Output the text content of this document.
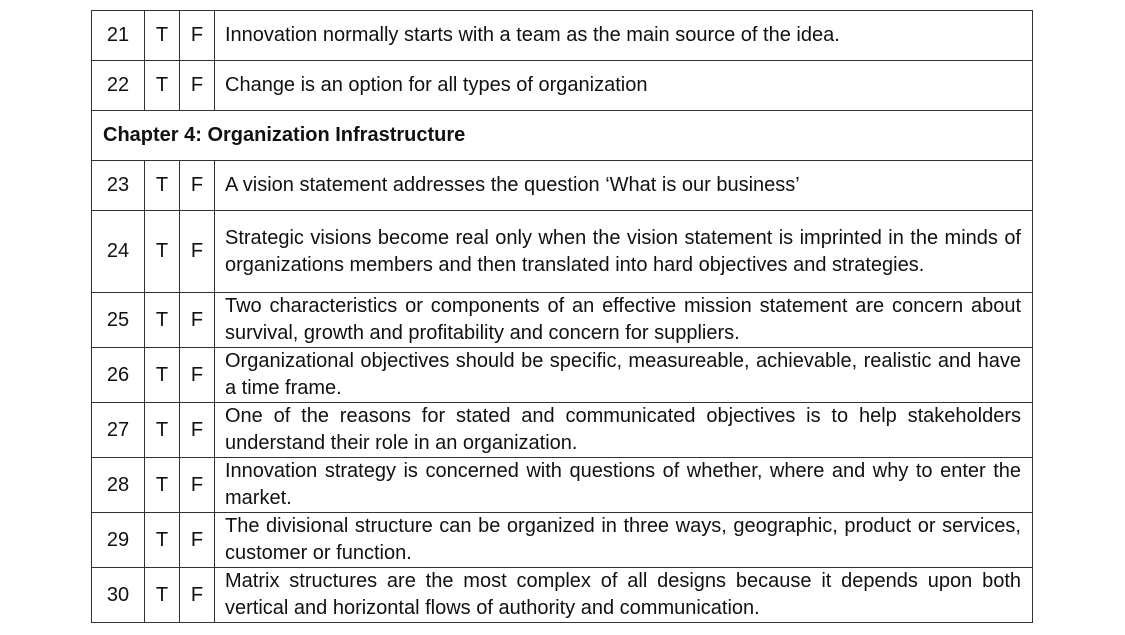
21	T	F	Innovation normally starts with a team as the main source of the idea.
22	T	F	Change is an option for all types of organization
Chapter 4: Organization Infrastructure			
23	T	F	A vision statement addresses the question ‘What is our business’
24	T	F	Strategic visions become real only when the vision statement is imprinted in the minds of organizations members and then translated into hard objectives and strategies.
25	T	F	Two characteristics or components of an effective mission statement are concern about survival, growth and profitability and concern for suppliers.
26	T	F	Organizational objectives should be specific, measureable, achievable, realistic and have a time frame.
27	T	F	One of the reasons for stated and communicated objectives is to help stakeholders understand their role in an organization.
28	T	F	Innovation strategy is concerned with questions of whether, where and why to enter the market.
29	T	F	The divisional structure can be organized in three ways, geographic, product or services, customer or function.
30	T	F	Matrix structures are the most complex of all designs because it depends upon both vertical and horizontal flows of authority and communication.
